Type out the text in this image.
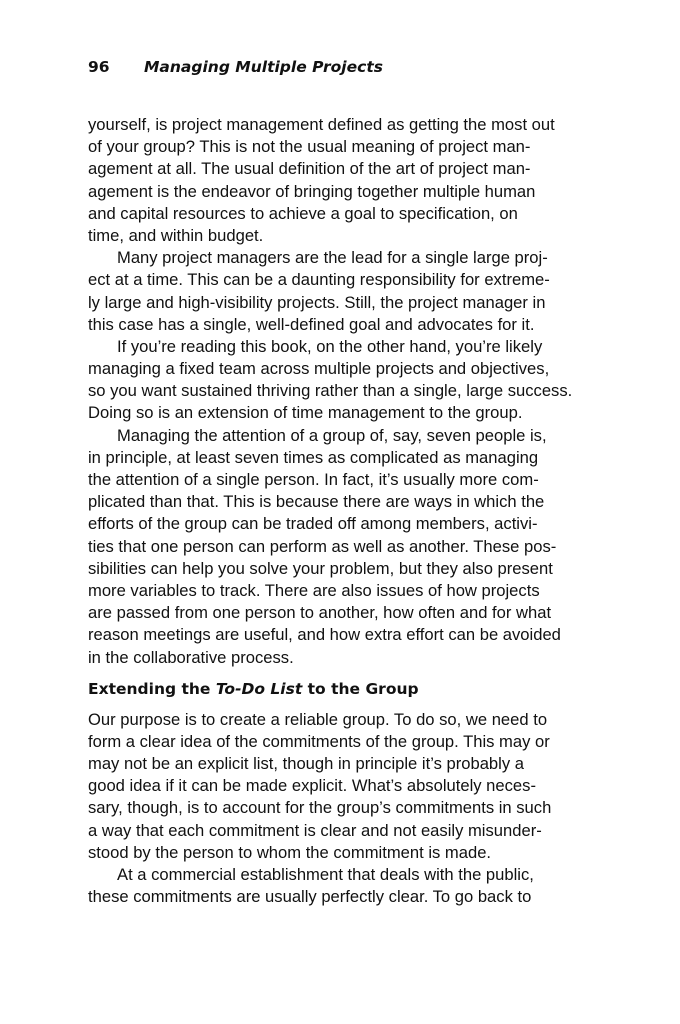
96 Managing Multiple Projects
yourself, is project management defined as getting the most out
of your group? This is not the usual meaning of project man-
agement at all. The usual definition of the art of project man-
agement is the endeavor of bringing together multiple human
and capital resources to achieve a goal to specification, on
time, and within budget.
Many project managers are the lead for a single large proj-
ect at a time. This can be a daunting responsibility for extreme-
ly large and high-visibility projects. Still, the project manager in
this case has a single, well-defined goal and advocates for it.
If you’re reading this book, on the other hand, you’re likely
managing a fixed team across multiple projects and objectives,
so you want sustained thriving rather than a single, large success.
Doing so is an extension of time management to the group.
Managing the attention of a group of, say, seven people is,
in principle, at least seven times as complicated as managing
the attention of a single person. In fact, it’s usually more com-
plicated than that. This is because there are ways in which the
efforts of the group can be traded off among members, activi-
ties that one person can perform as well as another. These pos-
sibilities can help you solve your problem, but they also present
more variables to track. There are also issues of how projects
are passed from one person to another, how often and for what
reason meetings are useful, and how extra effort can be avoided
in the collaborative process.
Extending the To-Do List to the Group
Our purpose is to create a reliable group. To do so, we need to
form a clear idea of the commitments of the group. This may or
may not be an explicit list, though in principle it’s probably a
good idea if it can be made explicit. What’s absolutely neces-
sary, though, is to account for the group’s commitments in such
a way that each commitment is clear and not easily misunder-
stood by the person to whom the commitment is made.
At a commercial establishment that deals with the public,
these commitments are usually perfectly clear. To go back to
